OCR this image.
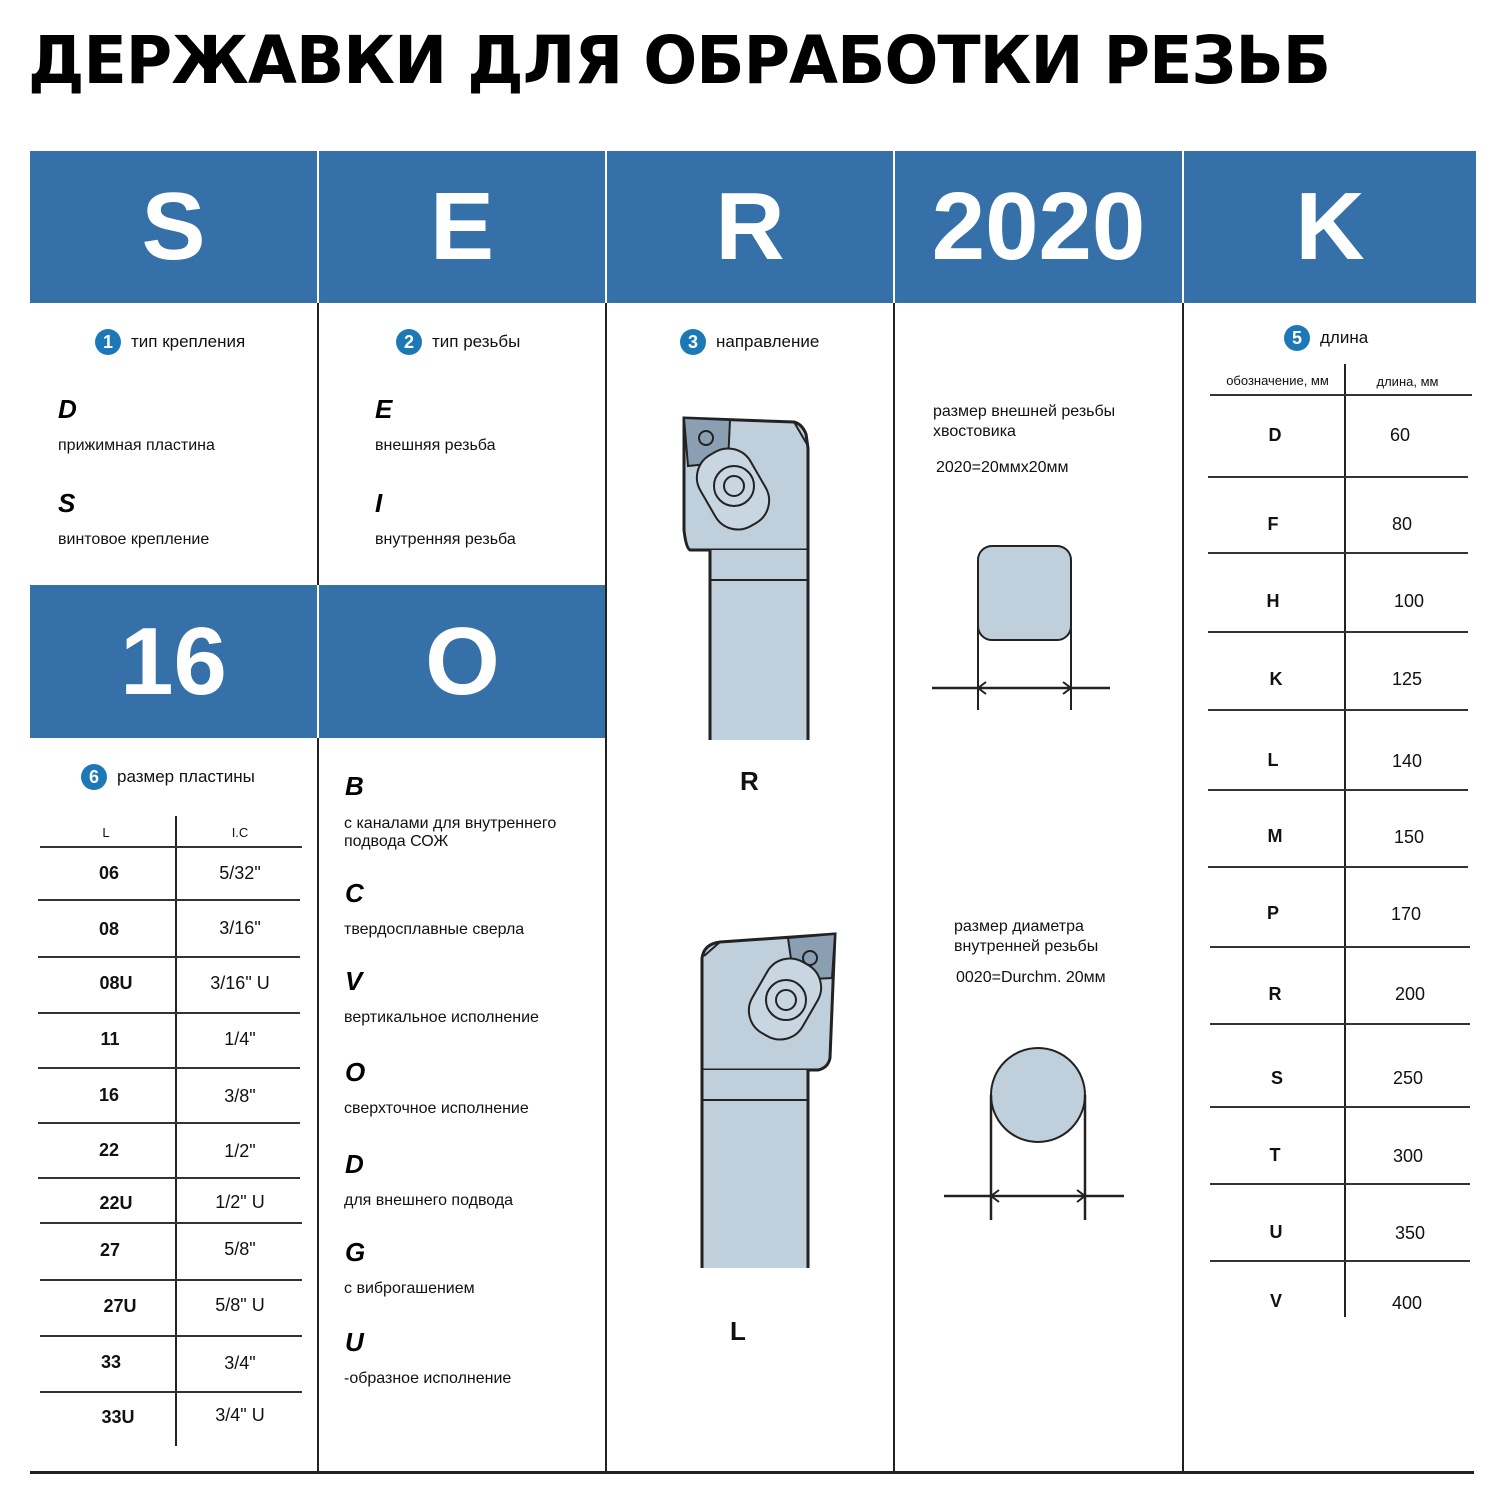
ДЕРЖАВКИ ДЛЯ ОБРАБОТКИ РЕЗЬБ
S E R 2020 K
16 O
1	тип крепления
D
прижимная пластина
S
винтовое крепление
2	тип резьбы
E
внешняя резьба
I
внутренняя резьба
3	направление
R
L
размер внешней резьбы
хвостовика
2020=20ммх20мм
размер диаметра
внутренней резьбы
0020=Durchm. 20мм
5	длина
обозначение, мм	длина, мм
D	60
F	80
H	100
K	125
L	140
M	150
P	170
R	200
S	250
T	300
U	350
V	400
6	размер пластины
L	I.C
06	5/32"
08	3/16"
08U	3/16" U
11	1/4"
16	3/8"
22	1/2"
22U	1/2" U
27	5/8"
27U	5/8" U
33	3/4"
33U	3/4" U
B
с каналами для внутреннего
подвода СОЖ
C
твердосплавные сверла
V
вертикальное исполнение
O
сверхточное исполнение
D
для внешнего подвода
G
с виброгашением
U
-образное исполнение
